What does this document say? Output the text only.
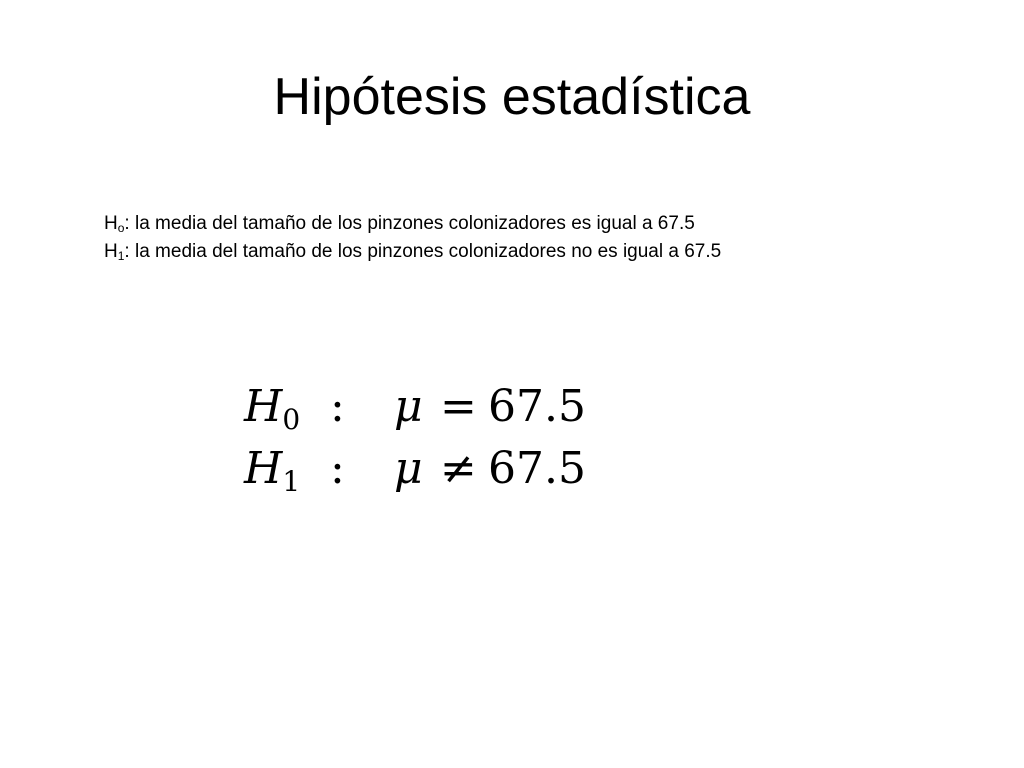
Hipótesis estadística
$H_o$: la media del tamaño de los pinzones colonizadores es igual a 67.5
$H_1$: la media del tamaño de los pinzones colonizadores no es igual a 67.5
$H_0$ : μ = 67.5
$H_1$ : μ ≠ 67.5
